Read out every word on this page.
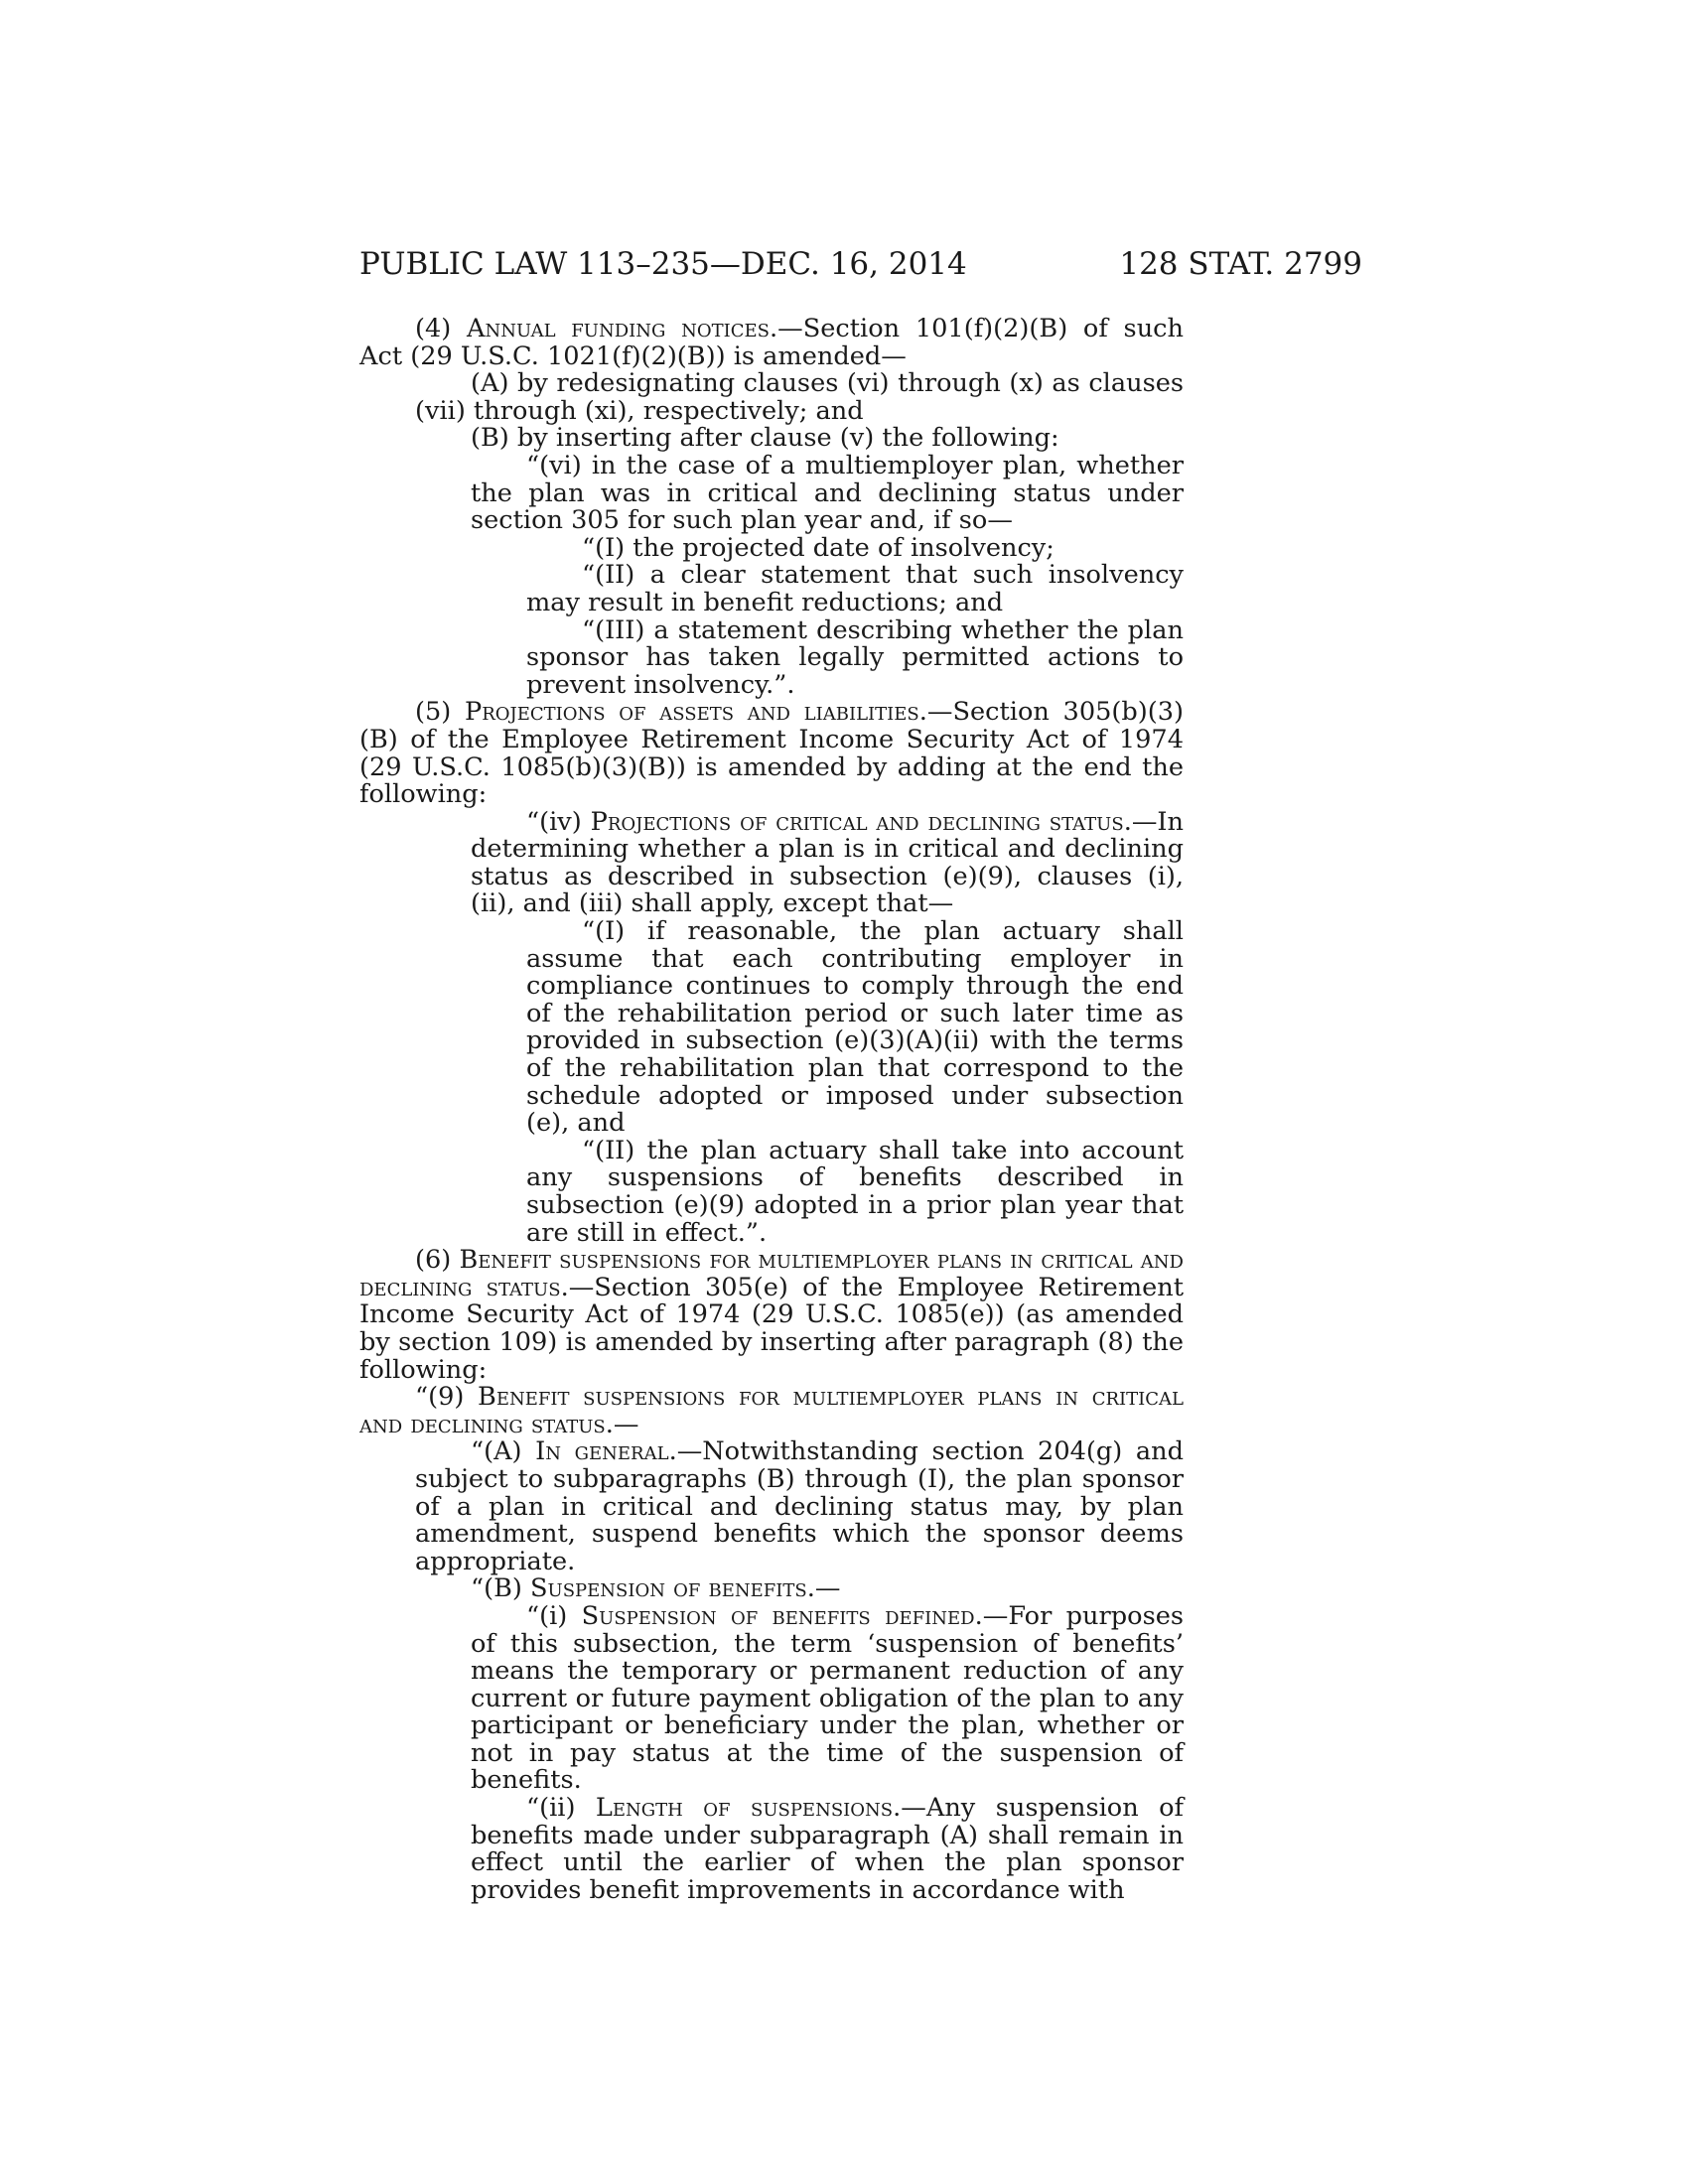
PUBLIC LAW 113–235—DEC. 16, 2014	128 STAT. 2799

(4) Annual funding notices.—Section 101(f)(2)(B) of such Act (29 U.S.C. 1021(f)(2)(B)) is amended—

(A) by redesignating clauses (vi) through (x) as clauses (vii) through (xi), respectively; and

(B) by inserting after clause (v) the following:

“(vi) in the case of a multiemployer plan, whether the plan was in critical and declining status under section 305 for such plan year and, if so—

“(I) the projected date of insolvency;

“(II) a clear statement that such insolvency may result in benefit reductions; and

“(III) a statement describing whether the plan sponsor has taken legally permitted actions to prevent insolvency.”.

(5) Projections of assets and liabilities.—Section 305(b)(3)(B) of the Employee Retirement Income Security Act of 1974 (29 U.S.C. 1085(b)(3)(B)) is amended by adding at the end the following:

“(iv) Projections of critical and declining status.—In determining whether a plan is in critical and declining status as described in subsection (e)(9), clauses (i), (ii), and (iii) shall apply, except that—

“(I) if reasonable, the plan actuary shall assume that each contributing employer in compliance continues to comply through the end of the rehabilitation period or such later time as provided in subsection (e)(3)(A)(ii) with the terms of the rehabilitation plan that correspond to the schedule adopted or imposed under subsection (e), and

“(II) the plan actuary shall take into account any suspensions of benefits described in subsection (e)(9) adopted in a prior plan year that are still in effect.”.

(6) Benefit suspensions for multiemployer plans in critical and declining status.—Section 305(e) of the Employee Retirement Income Security Act of 1974 (29 U.S.C. 1085(e)) (as amended by section 109) is amended by inserting after paragraph (8) the following:

“(9) Benefit suspensions for multiemployer plans in critical and declining status.—

“(A) In general.—Notwithstanding section 204(g) and subject to subparagraphs (B) through (I), the plan sponsor of a plan in critical and declining status may, by plan amendment, suspend benefits which the sponsor deems appropriate.

“(B) Suspension of benefits.—

“(i) Suspension of benefits defined.—For purposes of this subsection, the term ‘suspension of benefits’ means the temporary or permanent reduction of any current or future payment obligation of the plan to any participant or beneficiary under the plan, whether or not in pay status at the time of the suspension of benefits.

“(ii) Length of suspensions.—Any suspension of benefits made under subparagraph (A) shall remain in effect until the earlier of when the plan sponsor provides benefit improvements in accordance with
